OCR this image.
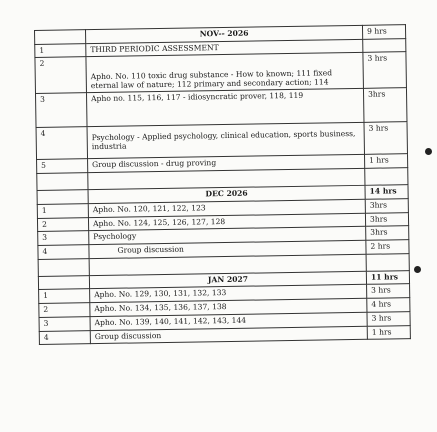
	NOV-- 2026	9 hrs
1	THIRD PERIODIC ASSESSMENT	
2	Apho. No. 110 toxic drug substance - How to known; 111 fixed eternal law of nature; 112 primary and secondary action; 114	3 hrs
3	Apho no. 115, 116, 117 - idiosyncratic prover, 118, 119	3hrs
4	Psychology - Applied psychology, clinical education, sports business, industria	3 hrs
5	Group discussion - drug proving	1 hrs

	DEC 2026	14 hrs
1	Apho. No. 120, 121, 122, 123	3hrs
2	Apho. No. 124, 125, 126, 127, 128	3hrs
3	Psychology	3hrs
4	Group discussion	2 hrs

	JAN 2027	11 hrs
1	Apho. No. 129, 130, 131, 132, 133	3 hrs
2	Apho. No. 134, 135, 136, 137, 138	4 hrs
3	Apho. No. 139, 140, 141, 142, 143, 144	3 hrs
4	Group discussion	1 hrs
